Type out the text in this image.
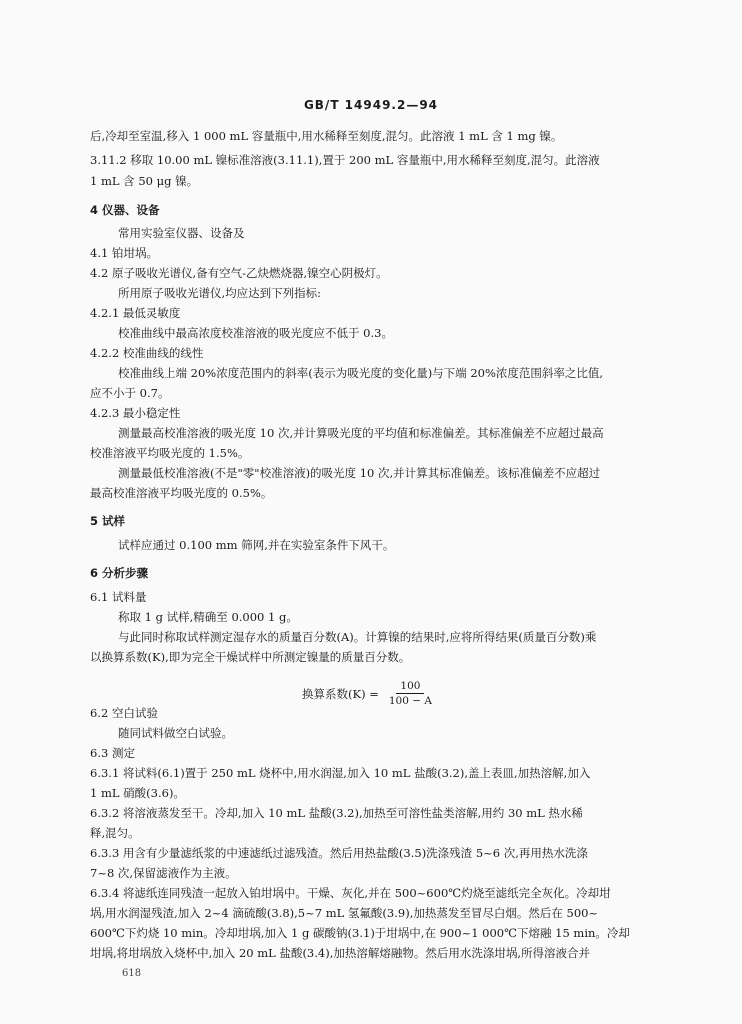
GB/T 14949.2—94
后,冷却至室温,移入 1 000 mL 容量瓶中,用水稀释至刻度,混匀。此溶液 1 mL 含 1 mg 镍。
3.11.2 移取 10.00 mL 镍标准溶液(3.11.1),置于 200 mL 容量瓶中,用水稀释至刻度,混匀。此溶液
1 mL 含 50 μg 镍。
4 仪器、设备
常用实验室仪器、设备及
4.1 铂坩埚。
4.2 原子吸收光谱仪,备有空气-乙炔燃烧器,镍空心阴极灯。
所用原子吸收光谱仪,均应达到下列指标:
4.2.1 最低灵敏度
校准曲线中最高浓度校准溶液的吸光度应不低于 0.3。
4.2.2 校准曲线的线性
校准曲线上端 20%浓度范围内的斜率(表示为吸光度的变化量)与下端 20%浓度范围斜率之比值,
应不小于 0.7。
4.2.3 最小稳定性
测量最高校准溶液的吸光度 10 次,并计算吸光度的平均值和标准偏差。其标准偏差不应超过最高
校准溶液平均吸光度的 1.5%。
测量最低校准溶液(不是"零"校准溶液)的吸光度 10 次,并计算其标准偏差。该标准偏差不应超过
最高校准溶液平均吸光度的 0.5%。
5 试样
试样应通过 0.100 mm 筛网,并在实验室条件下风干。
6 分析步骤
6.1 试料量
称取 1 g 试样,精确至 0.000 1 g。
与此同时称取试样测定湿存水的质量百分数(A)。计算镍的结果时,应将所得结果(质量百分数)乘
以换算系数(K),即为完全干燥试样中所测定镍量的质量百分数。
换算系数$(K) = \frac{100}{100 - A}$
6.2 空白试验
随同试料做空白试验。
6.3 测定
6.3.1 将试料(6.1)置于 250 mL 烧杯中,用水润湿,加入 10 mL 盐酸(3.2),盖上表皿,加热溶解,加入
1 mL 硝酸(3.6)。
6.3.2 将溶液蒸发至干。冷却,加入 10 mL 盐酸(3.2),加热至可溶性盐类溶解,用约 30 mL 热水稀
释,混匀。
6.3.3 用含有少量滤纸浆的中速滤纸过滤残渣。然后用热盐酸(3.5)洗涤残渣 5~6 次,再用热水洗涤
7~8 次,保留滤液作为主液。
6.3.4 将滤纸连同残渣一起放入铂坩埚中。干燥、灰化,并在 500~600℃灼烧至滤纸完全灰化。冷却坩
埚,用水润湿残渣,加入 2~4 滴硫酸(3.8),5~7 mL 氢氟酸(3.9),加热蒸发至冒尽白烟。然后在 500~
600℃下灼烧 10 min。冷却坩埚,加入 1 g 碳酸钠(3.1)于坩埚中,在 900~1 000℃下熔融 15 min。冷却
坩埚,将坩埚放入烧杯中,加入 20 mL 盐酸(3.4),加热溶解熔融物。然后用水洗涤坩埚,所得溶液合并
618
